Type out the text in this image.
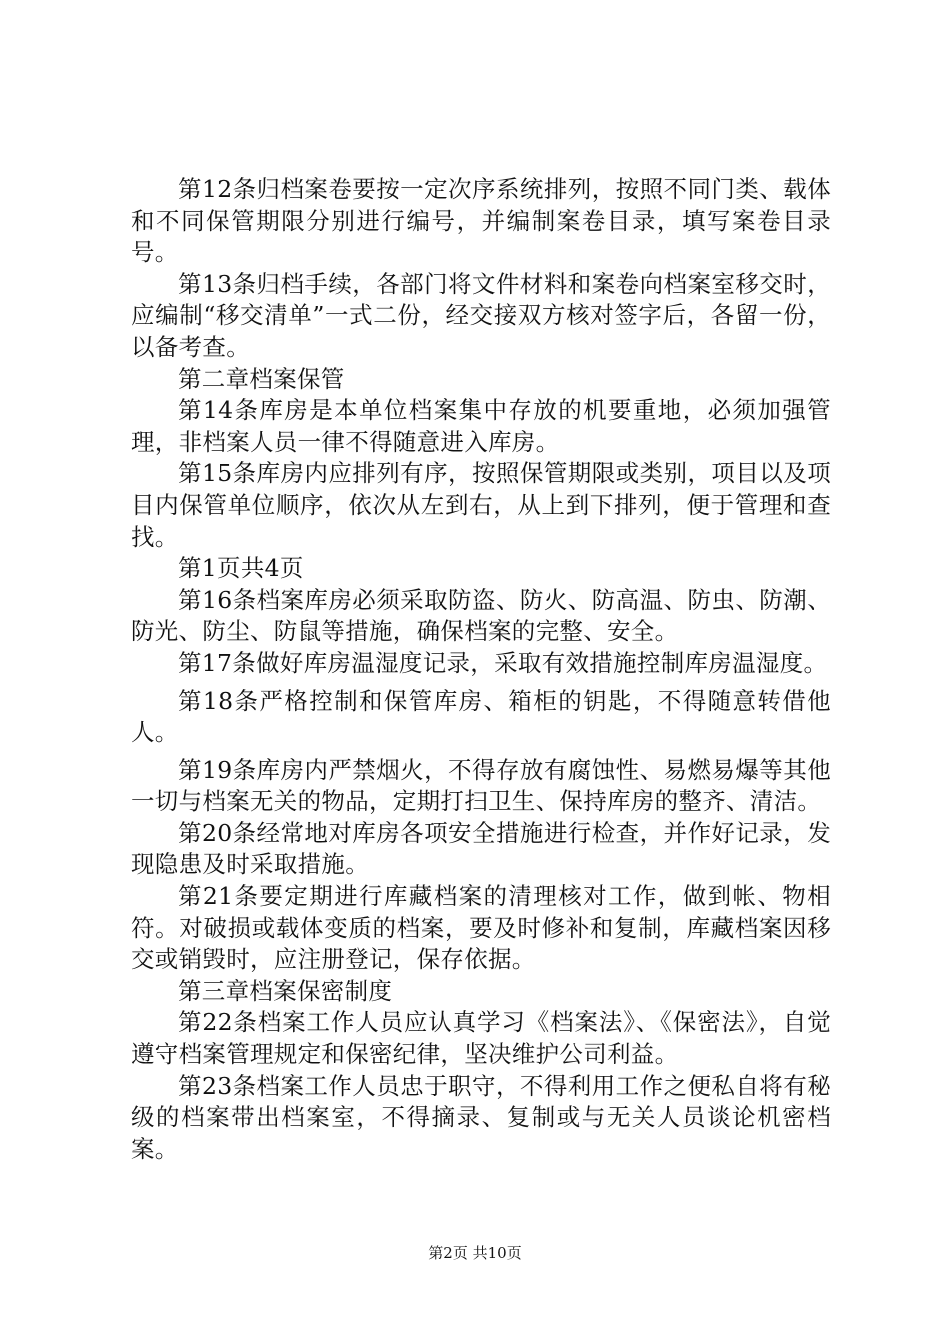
第12条归档案卷要按一定次序系统排列，按照不同门类、载体和不同保管期限分别进行编号，并编制案卷目录，填写案卷目录号。

第13条归档手续，各部门将文件材料和案卷向档案室移交时，应编制“移交清单”一式二份，经交接双方核对签字后，各留一份，以备考查。

第二章档案保管

第14条库房是本单位档案集中存放的机要重地，必须加强管理，非档案人员一律不得随意进入库房。

第15条库房内应排列有序，按照保管期限或类别，项目以及项目内保管单位顺序，依次从左到右，从上到下排列，便于管理和查找。

第1页共4页

第16条档案库房必须采取防盗、防火、防高温、防虫、防潮、防光、防尘、防鼠等措施，确保档案的完整、安全。

第17条做好库房温湿度记录，采取有效措施控制库房温湿度。

第18条严格控制和保管库房、箱柜的钥匙，不得随意转借他人。

第19条库房内严禁烟火，不得存放有腐蚀性、易燃易爆等其他一切与档案无关的物品，定期打扫卫生、保持库房的整齐、清洁。

第20条经常地对库房各项安全措施进行检查，并作好记录，发现隐患及时采取措施。

第21条要定期进行库藏档案的清理核对工作，做到帐、物相符。对破损或载体变质的档案，要及时修补和复制，库藏档案因移交或销毁时，应注册登记，保存依据。

第三章档案保密制度

第22条档案工作人员应认真学习《档案法》、《保密法》，自觉遵守档案管理规定和保密纪律，坚决维护公司利益。

第23条档案工作人员忠于职守，不得利用工作之便私自将有秘级的档案带出档案室，不得摘录、复制或与无关人员谈论机密档案。

第2页 共10页
